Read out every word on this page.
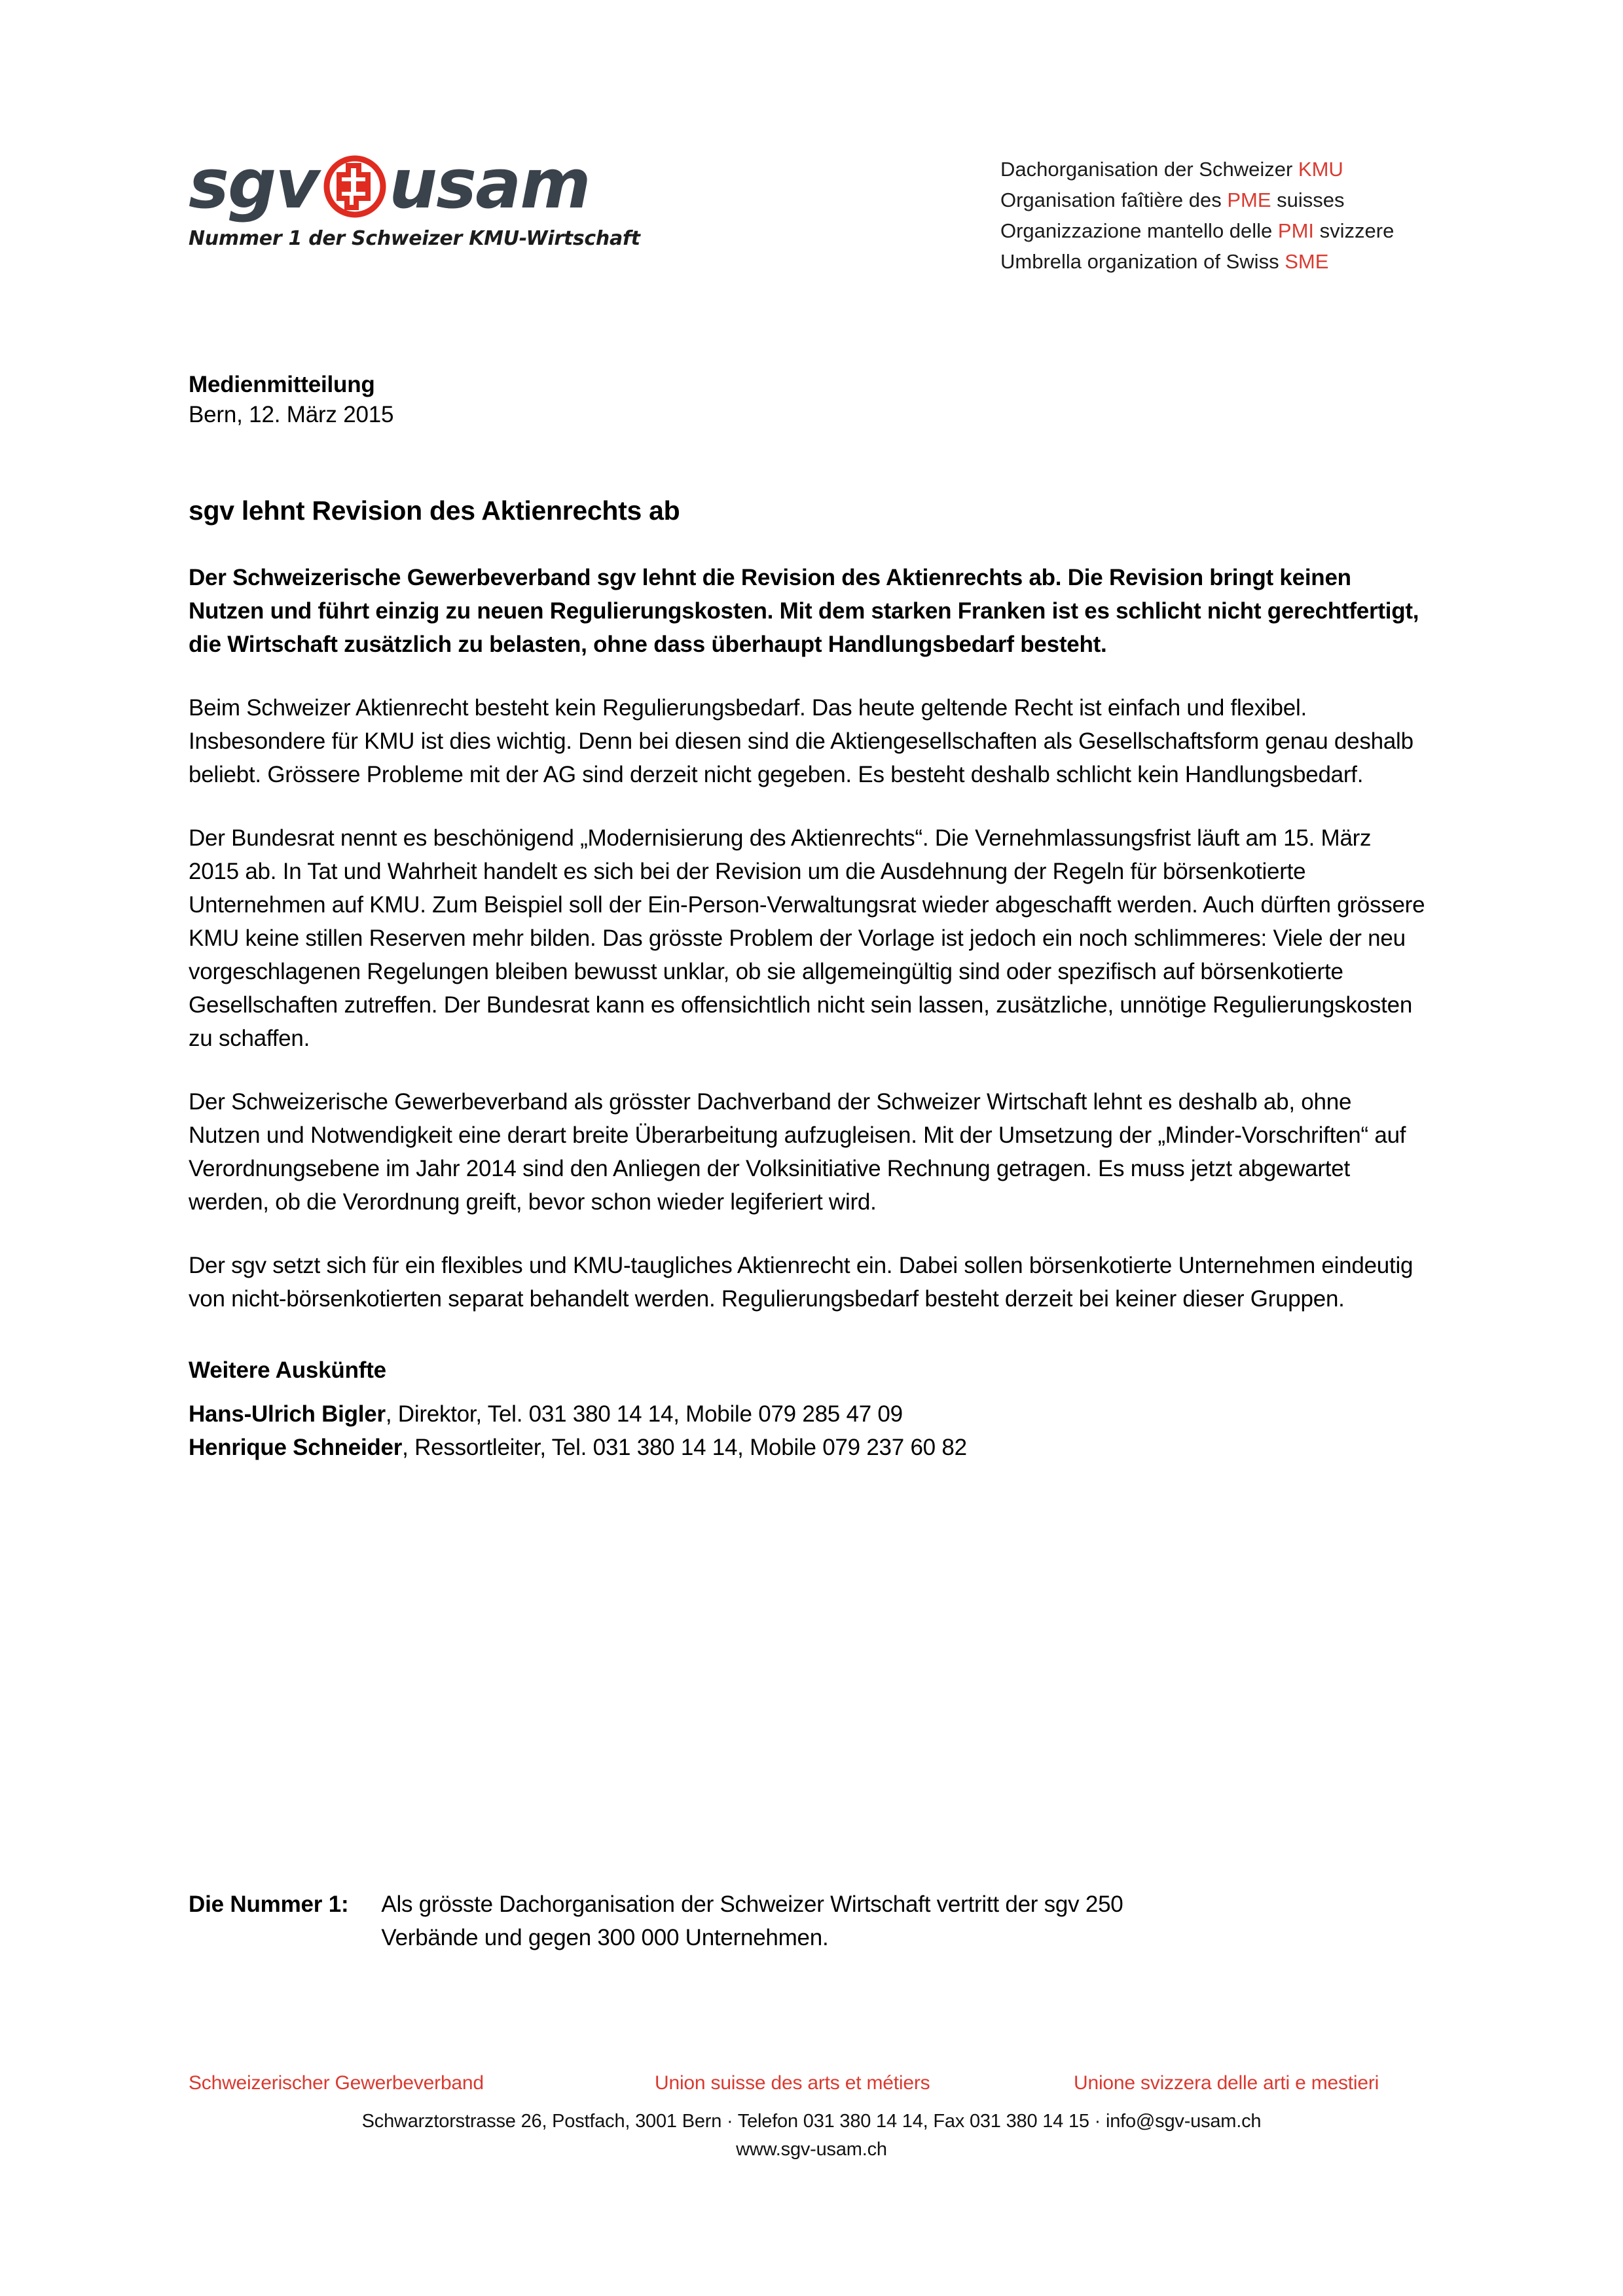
sgv usam
Nummer 1 der Schweizer KMU-Wirtschaft
Dachorganisation der Schweizer KMU
Organisation faîtière des PME suisses
Organizzazione mantello delle PMI svizzere
Umbrella organization of Swiss SME
Medienmitteilung
Bern, 12. März 2015
sgv lehnt Revision des Aktienrechts ab

Der Schweizerische Gewerbeverband sgv lehnt die Revision des Aktienrechts ab. Die Revision bringt keinen Nutzen und führt einzig zu neuen Regulierungskosten. Mit dem starken Franken ist es schlicht nicht gerechtfertigt, die Wirtschaft zusätzlich zu belasten, ohne dass überhaupt Handlungsbedarf besteht.

Beim Schweizer Aktienrecht besteht kein Regulierungsbedarf. Das heute geltende Recht ist einfach und flexibel. Insbesondere für KMU ist dies wichtig. Denn bei diesen sind die Aktiengesellschaften als Gesellschaftsform genau deshalb beliebt. Grössere Probleme mit der AG sind derzeit nicht gegeben. Es besteht deshalb schlicht kein Handlungsbedarf.

Der Bundesrat nennt es beschönigend „Modernisierung des Aktienrechts“. Die Vernehmlassungsfrist läuft am 15. März 2015 ab. In Tat und Wahrheit handelt es sich bei der Revision um die Ausdehnung der Regeln für börsenkotierte Unternehmen auf KMU. Zum Beispiel soll der Ein-Person-Verwaltungsrat wieder abgeschafft werden. Auch dürften grössere KMU keine stillen Reserven mehr bilden. Das grösste Problem der Vorlage ist jedoch ein noch schlimmeres: Viele der neu vorgeschlagenen Regelungen bleiben bewusst unklar, ob sie allgemeingültig sind oder spezifisch auf börsenkotierte Gesellschaften zutreffen. Der Bundesrat kann es offensichtlich nicht sein lassen, zusätzliche, unnötige Regulierungskosten zu schaffen.

Der Schweizerische Gewerbeverband als grösster Dachverband der Schweizer Wirtschaft lehnt es deshalb ab, ohne Nutzen und Notwendigkeit eine derart breite Überarbeitung aufzugleisen. Mit der Umsetzung der „Minder-Vorschriften“ auf Verordnungsebene im Jahr 2014 sind den Anliegen der Volksinitiative Rechnung getragen. Es muss jetzt abgewartet werden, ob die Verordnung greift, bevor schon wieder legiferiert wird.

Der sgv setzt sich für ein flexibles und KMU-taugliches Aktienrecht ein. Dabei sollen börsenkotierte Unternehmen eindeutig von nicht-börsenkotierten separat behandelt werden. Regulierungsbedarf besteht derzeit bei keiner dieser Gruppen.

Weitere Auskünfte
Hans-Ulrich Bigler, Direktor, Tel. 031 380 14 14, Mobile 079 285 47 09
Henrique Schneider, Ressortleiter, Tel. 031 380 14 14, Mobile 079 237 60 82
Die Nummer 1: Als grösste Dachorganisation der Schweizer Wirtschaft vertritt der sgv 250 Verbände und gegen 300 000 Unternehmen.
Schweizerischer Gewerbeverband	Union suisse des arts et métiers	Unione svizzera delle arti e mestieri
Schwarztorstrasse 26, Postfach, 3001 Bern · Telefon 031 380 14 14, Fax 031 380 14 15 · info@sgv-usam.ch
www.sgv-usam.ch
